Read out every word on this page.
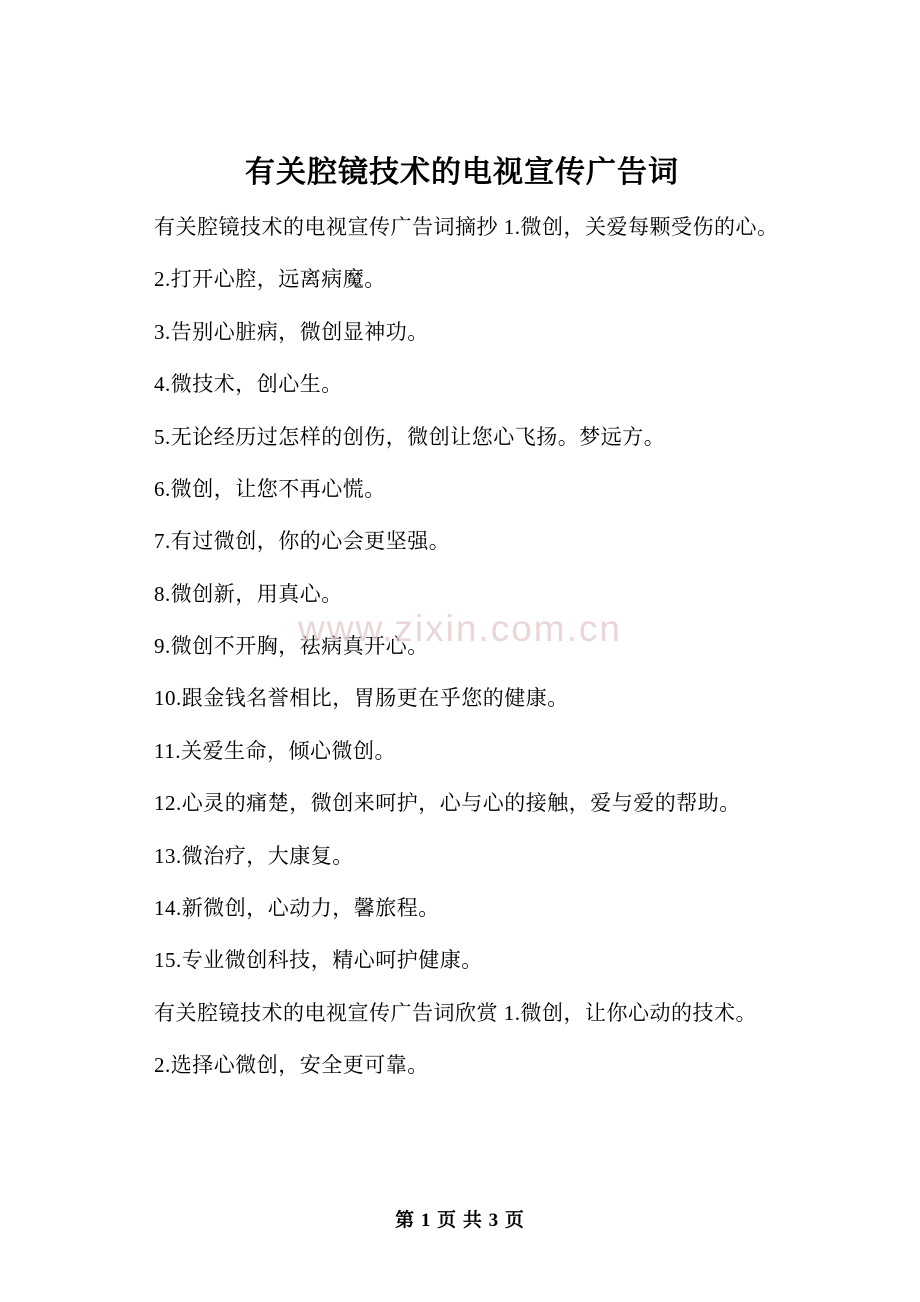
有关腔镜技术的电视宣传广告词

有关腔镜技术的电视宣传广告词摘抄 1.微创，关爱每颗受伤的心。

2.打开心腔，远离病魔。

3.告别心脏病，微创显神功。

4.微技术，创心生。

5.无论经历过怎样的创伤，微创让您心飞扬。梦远方。

6.微创，让您不再心慌。

7.有过微创，你的心会更坚强。

8.微创新，用真心。

9.微创不开胸，祛病真开心。

10.跟金钱名誉相比，胃肠更在乎您的健康。

11.关爱生命，倾心微创。

12.心灵的痛楚，微创来呵护，心与心的接触，爱与爱的帮助。

13.微治疗，大康复。

14.新微创，心动力，馨旅程。

15.专业微创科技，精心呵护健康。

有关腔镜技术的电视宣传广告词欣赏 1.微创，让你心动的技术。

2.选择心微创，安全更可靠。

www.zixin.com.cn
第 1 页 共 3 页
